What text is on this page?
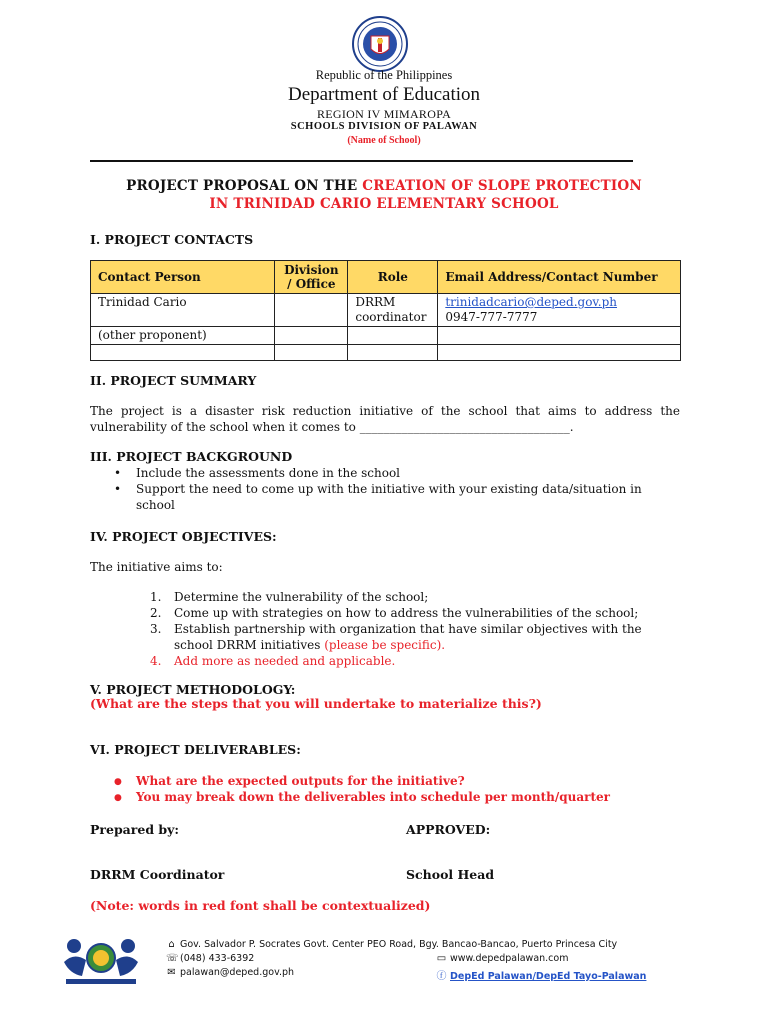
Republic of the Philippines
Department of Education
REGION IV MIMAROPA
SCHOOLS DIVISION OF PALAWAN
(Name of School)
PROJECT PROPOSAL ON THE CREATION OF SLOPE PROTECTION
IN TRINIDAD CARIO ELEMENTARY SCHOOL
I. PROJECT CONTACTS
Contact Person	Division / Office	Role	Email Address/Contact Number
Trinidad Cario		DRRM coordinator	trinidadcario@deped.gov.ph
0947-777-7777

(other proponent)			

II. PROJECT SUMMARY
The project is a disaster risk reduction initiative of the school that aims to address the vulnerability of the school when it comes to ___________________________________.
III. PROJECT BACKGROUND
• Include the assessments done in the school
• Support the need to come up with the initiative with your existing data/situation in school
IV. PROJECT OBJECTIVES:
The initiative aims to:
1. Determine the vulnerability of the school;
2. Come up with strategies on how to address the vulnerabilities of the school;
3. Establish partnership with organization that have similar objectives with the school DRRM initiatives (please be specific).
4. Add more as needed and applicable.
V. PROJECT METHODOLOGY:
(What are the steps that you will undertake to materialize this?)
VI. PROJECT DELIVERABLES:
● What are the expected outputs for the initiative?
● You may break down the deliverables into schedule per month/quarter
Prepared by:	APPROVED:
DRRM Coordinator	School Head
(Note: words in red font shall be contextualized)
⌂ Gov. Salvador P. Socrates Govt. Center PEO Road, Bgy. Bancao-Bancao, Puerto Princesa City
☏(048) 433-6392
✉ palawan@deped.gov.ph
▭ www.depedpalawan.com
ⓕ DepEd Palawan/DepEd Tayo-Palawan
